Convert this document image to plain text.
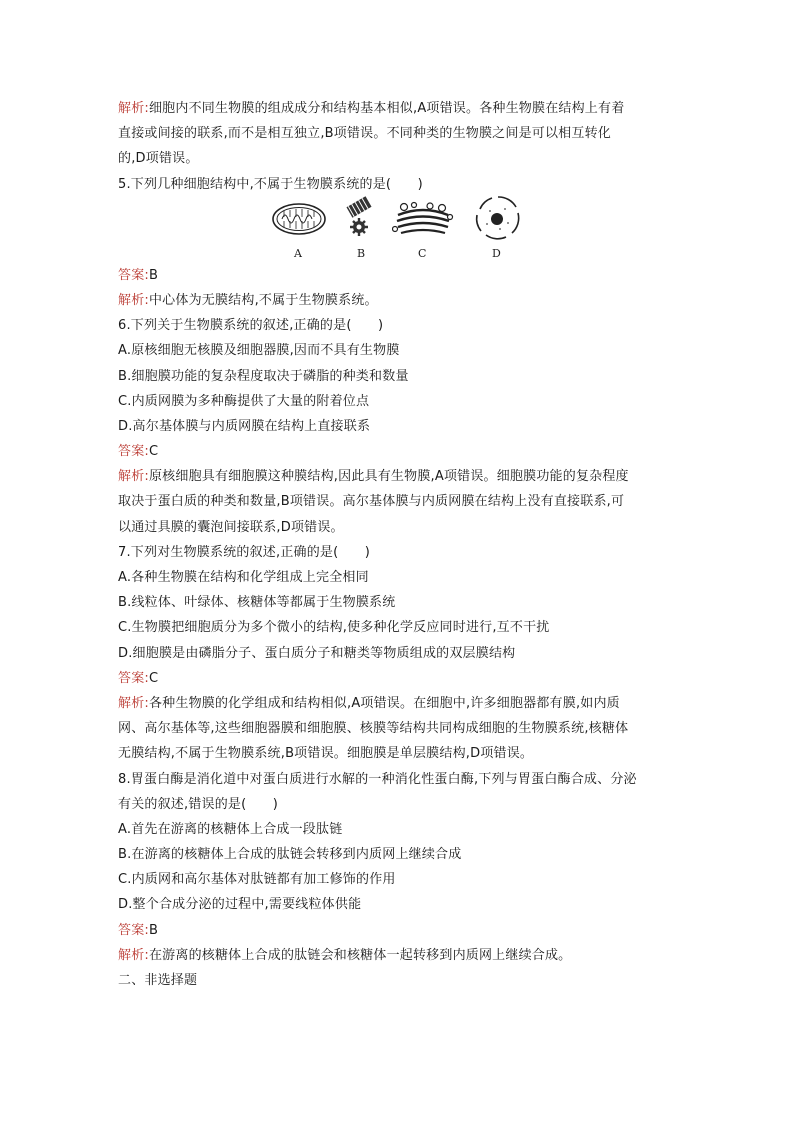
解析:细胞内不同生物膜的组成成分和结构基本相似,A项错误。各种生物膜在结构上有着
直接或间接的联系,而不是相互独立,B项错误。不同种类的生物膜之间是可以相互转化
的,D项错误。
5.下列几种细胞结构中,不属于生物膜系统的是(　　)
A	B	C	D
答案:B
解析:中心体为无膜结构,不属于生物膜系统。
6.下列关于生物膜系统的叙述,正确的是(　　)
A.原核细胞无核膜及细胞器膜,因而不具有生物膜
B.细胞膜功能的复杂程度取决于磷脂的种类和数量
C.内质网膜为多种酶提供了大量的附着位点
D.高尔基体膜与内质网膜在结构上直接联系
答案:C
解析:原核细胞具有细胞膜这种膜结构,因此具有生物膜,A项错误。细胞膜功能的复杂程度
取决于蛋白质的种类和数量,B项错误。高尔基体膜与内质网膜在结构上没有直接联系,可
以通过具膜的囊泡间接联系,D项错误。
7.下列对生物膜系统的叙述,正确的是(　　)
A.各种生物膜在结构和化学组成上完全相同
B.线粒体、叶绿体、核糖体等都属于生物膜系统
C.生物膜把细胞质分为多个微小的结构,使多种化学反应同时进行,互不干扰
D.细胞膜是由磷脂分子、蛋白质分子和糖类等物质组成的双层膜结构
答案:C
解析:各种生物膜的化学组成和结构相似,A项错误。在细胞中,许多细胞器都有膜,如内质
网、高尔基体等,这些细胞器膜和细胞膜、核膜等结构共同构成细胞的生物膜系统,核糖体
无膜结构,不属于生物膜系统,B项错误。细胞膜是单层膜结构,D项错误。
8.胃蛋白酶是消化道中对蛋白质进行水解的一种消化性蛋白酶,下列与胃蛋白酶合成、分泌
有关的叙述,错误的是(　　)
A.首先在游离的核糖体上合成一段肽链
B.在游离的核糖体上合成的肽链会转移到内质网上继续合成
C.内质网和高尔基体对肽链都有加工修饰的作用
D.整个合成分泌的过程中,需要线粒体供能
答案:B
解析:在游离的核糖体上合成的肽链会和核糖体一起转移到内质网上继续合成。
二、非选择题
